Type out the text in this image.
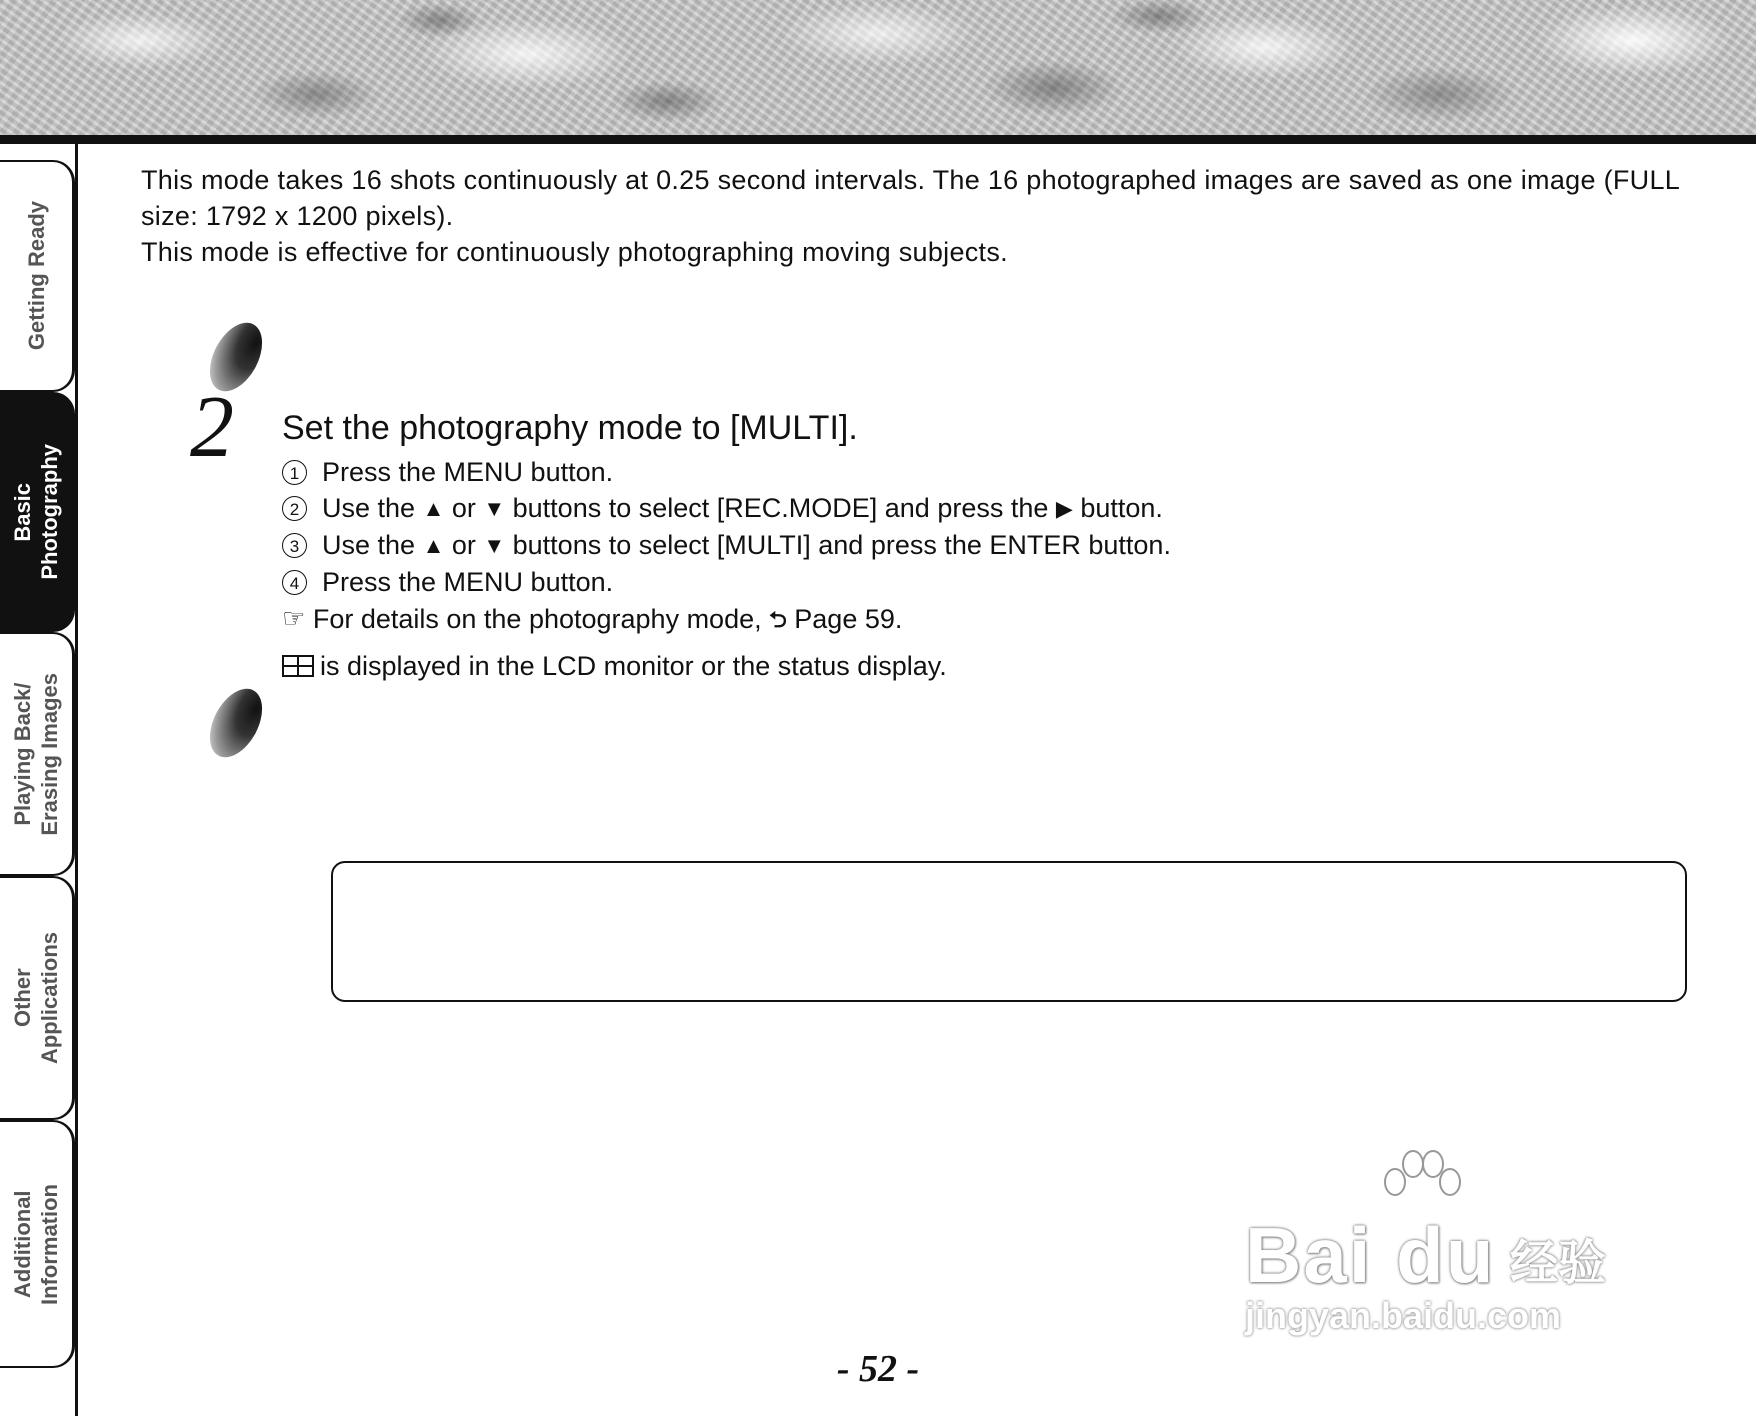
Getting Ready
Basic
Photography
Playing Back/
Erasing Images
Other
Applications
Additional
Information

This mode takes 16 shots continuously at 0.25 second intervals. The 16 photographed images are saved as one image (FULL size: 1792 x 1200 pixels).

This mode is effective for continuously photographing moving subjects.

2 Set the photography mode to [MULTI].
1 Press the MENU button.
2 Use the ▲ or ▼ buttons to select [REC.MODE] and press the ▶ button.
3 Use the ▲ or ▼ buttons to select [MULTI] and press the ENTER button.
4 Press the MENU button.
☞ For details on the photography mode, ⮌ Page 59.
is displayed in the LCD monitor or the status display.
- 52 -
Bai du 经验
jingyan.baidu.com
